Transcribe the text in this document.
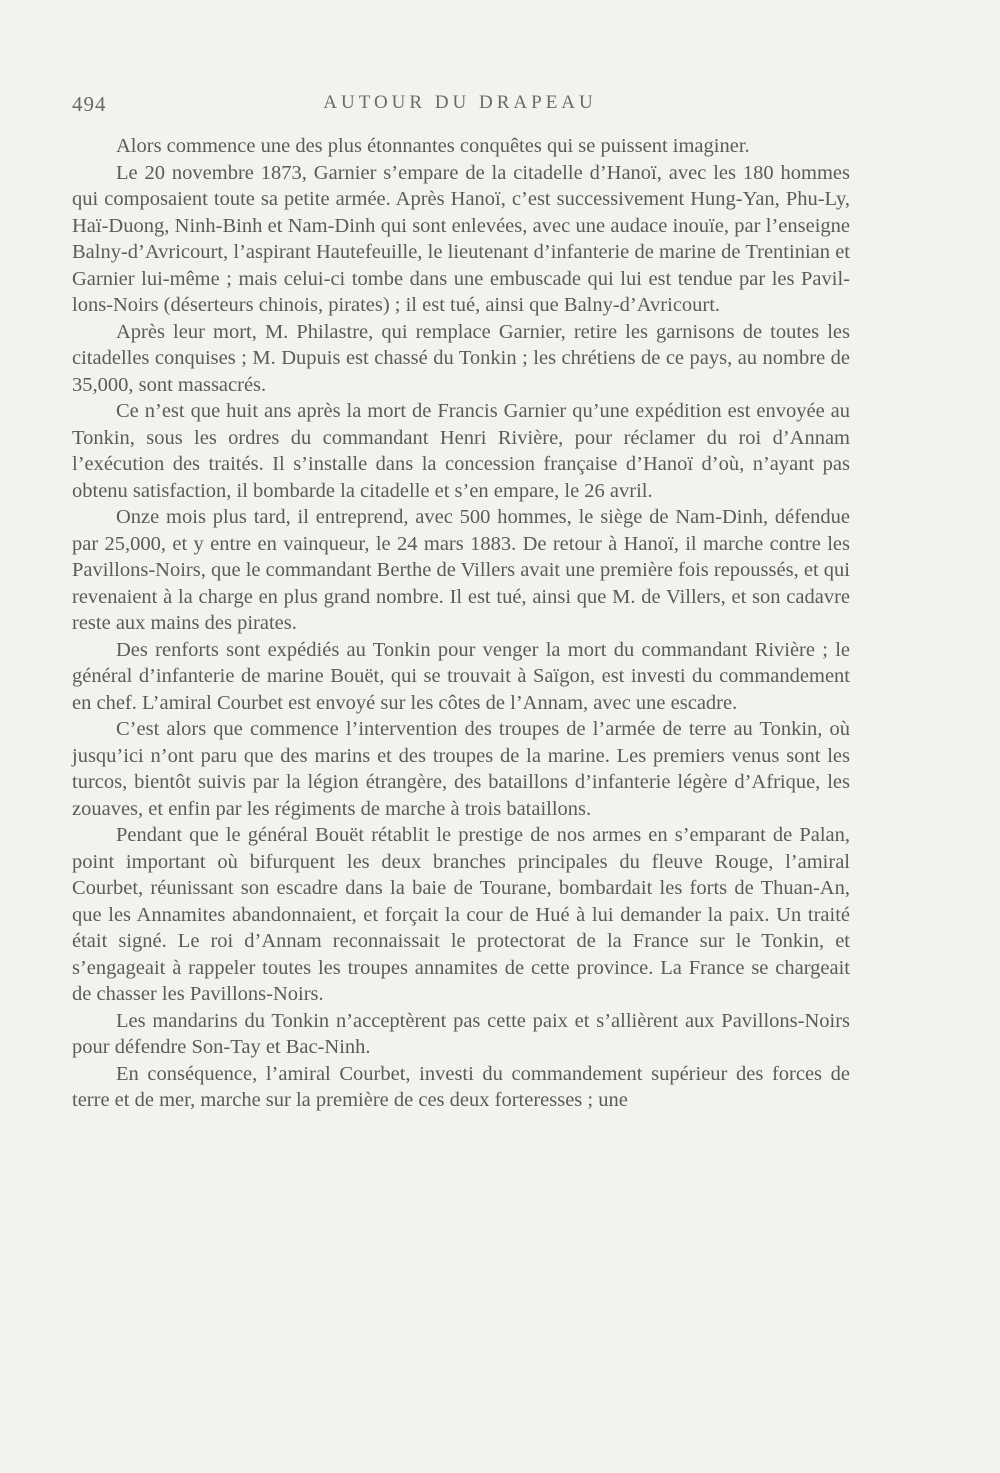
494	AUTOUR DU DRAPEAU

Alors commence une des plus étonnantes conquêtes qui se puissent imaginer.

Le 20 novembre 1873, Garnier s’empare de la citadelle d’Hanoï, avec les 180 hommes qui composaient toute sa petite armée. Après Hanoï, c’est successivement Hung-Yan, Phu-Ly, Haï-Duong, Ninh-Binh et Nam-Dinh qui sont enlevées, avec une audace inouïe, par l’enseigne Balny-d’Avricourt, l’aspirant Hautefeuille, le lieutenant d’infanterie de marine de Trentinian et Garnier lui-même ; mais celui-ci tombe dans une embuscade qui lui est tendue par les Pavillons-Noirs (déserteurs chinois, pirates) ; il est tué, ainsi que Balny-d’Avricourt.

Après leur mort, M. Philastre, qui remplace Garnier, retire les garnisons de toutes les citadelles conquises ; M. Dupuis est chassé du Tonkin ; les chrétiens de ce pays, au nombre de 35,000, sont massacrés.

Ce n’est que huit ans après la mort de Francis Garnier qu’une expédition est envoyée au Tonkin, sous les ordres du commandant Henri Rivière, pour réclamer du roi d’Annam l’exécution des traités. Il s’installe dans la concession française d’Hanoï d’où, n’ayant pas obtenu satisfaction, il bombarde la citadelle et s’en empare, le 26 avril.

Onze mois plus tard, il entreprend, avec 500 hommes, le siège de Nam-Dinh, défendue par 25,000, et y entre en vainqueur, le 24 mars 1883. De retour à Hanoï, il marche contre les Pavillons-Noirs, que le commandant Berthe de Villers avait une première fois repoussés, et qui revenaient à la charge en plus grand nombre. Il est tué, ainsi que M. de Villers, et son cadavre reste aux mains des pirates.

Des renforts sont expédiés au Tonkin pour venger la mort du commandant Rivière ; le général d’infanterie de marine Bouët, qui se trouvait à Saïgon, est investi du commandement en chef. L’amiral Courbet est envoyé sur les côtes de l’Annam, avec une escadre.

C’est alors que commence l’intervention des troupes de l’armée de terre au Tonkin, où jusqu’ici n’ont paru que des marins et des troupes de la marine. Les premiers venus sont les turcos, bientôt suivis par la légion étrangère, des bataillons d’infanterie légère d’Afrique, les zouaves, et enfin par les régiments de marche à trois bataillons.

Pendant que le général Bouët rétablit le prestige de nos armes en s’emparant de Palan, point important où bifurquent les deux branches principales du fleuve Rouge, l’amiral Courbet, réunissant son escadre dans la baie de Tourane, bombardait les forts de Thuan-An, que les Annamites abandonnaient, et forçait la cour de Hué à lui demander la paix. Un traité était signé. Le roi d’Annam reconnaissait le protectorat de la France sur le Tonkin, et s’engageait à rappeler toutes les troupes annamites de cette province. La France se chargeait de chasser les Pavillons-Noirs.

Les mandarins du Tonkin n’acceptèrent pas cette paix et s’allièrent aux Pavillons-Noirs pour défendre Son-Tay et Bac-Ninh.

En conséquence, l’amiral Courbet, investi du commandement supérieur des forces de terre et de mer, marche sur la première de ces deux forteresses ; une
